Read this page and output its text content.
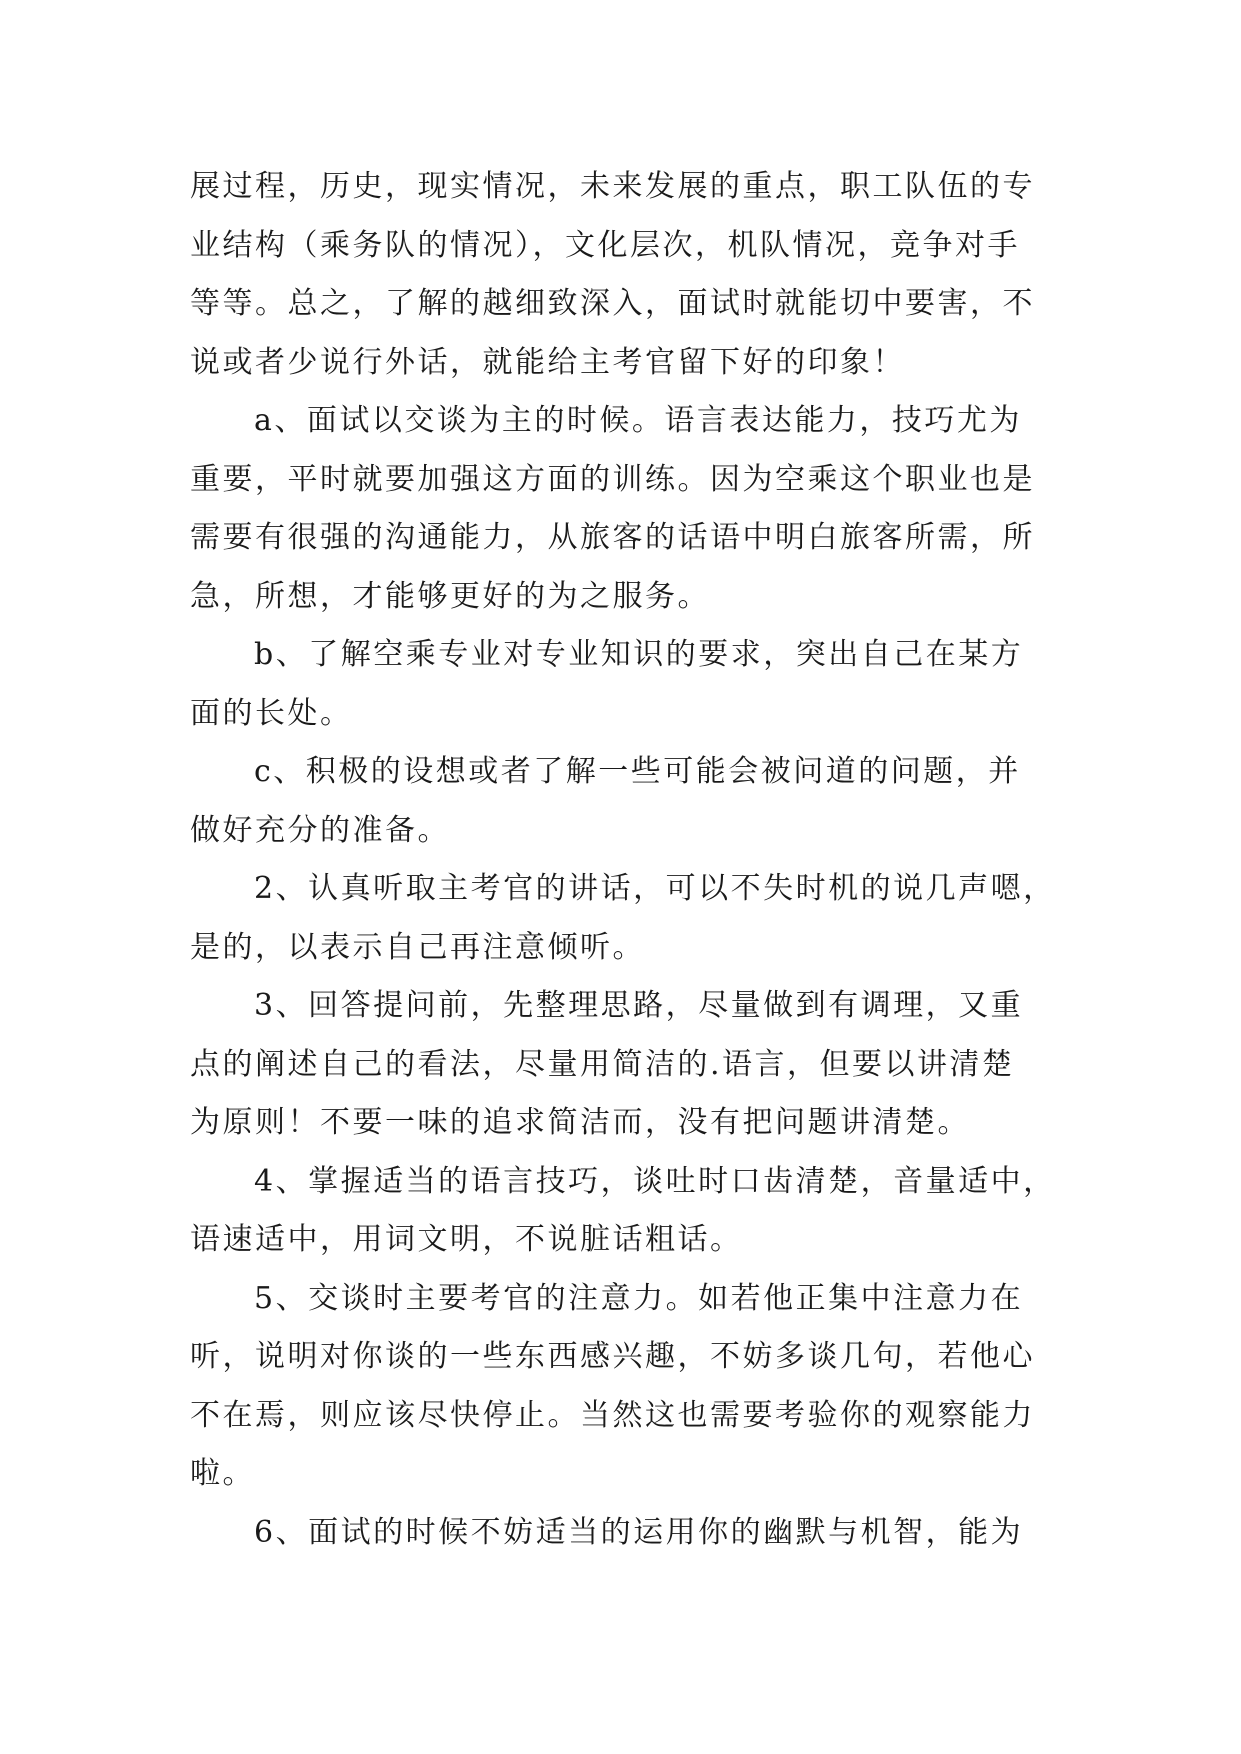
展过程，历史，现实情况，未来发展的重点，职工队伍的专
业结构（乘务队的情况），文化层次，机队情况，竞争对手
等等。总之，了解的越细致深入，面试时就能切中要害，不
说或者少说行外话，就能给主考官留下好的印象！
a、面试以交谈为主的时候。语言表达能力，技巧尤为
重要，平时就要加强这方面的训练。因为空乘这个职业也是
需要有很强的沟通能力，从旅客的话语中明白旅客所需，所
急，所想，才能够更好的为之服务。
b、了解空乘专业对专业知识的要求，突出自己在某方
面的长处。
c、积极的设想或者了解一些可能会被问道的问题，并
做好充分的准备。
2、认真听取主考官的讲话，可以不失时机的说几声嗯，
是的，以表示自己再注意倾听。
3、回答提问前，先整理思路，尽量做到有调理，又重
点的阐述自己的看法，尽量用简洁的.语言，但要以讲清楚
为原则！不要一味的追求简洁而，没有把问题讲清楚。
4、掌握适当的语言技巧，谈吐时口齿清楚，音量适中，
语速适中，用词文明，不说脏话粗话。
5、交谈时主要考官的注意力。如若他正集中注意力在
听，说明对你谈的一些东西感兴趣，不妨多谈几句，若他心
不在焉，则应该尽快停止。当然这也需要考验你的观察能力
啦。
6、面试的时候不妨适当的运用你的幽默与机智，能为
